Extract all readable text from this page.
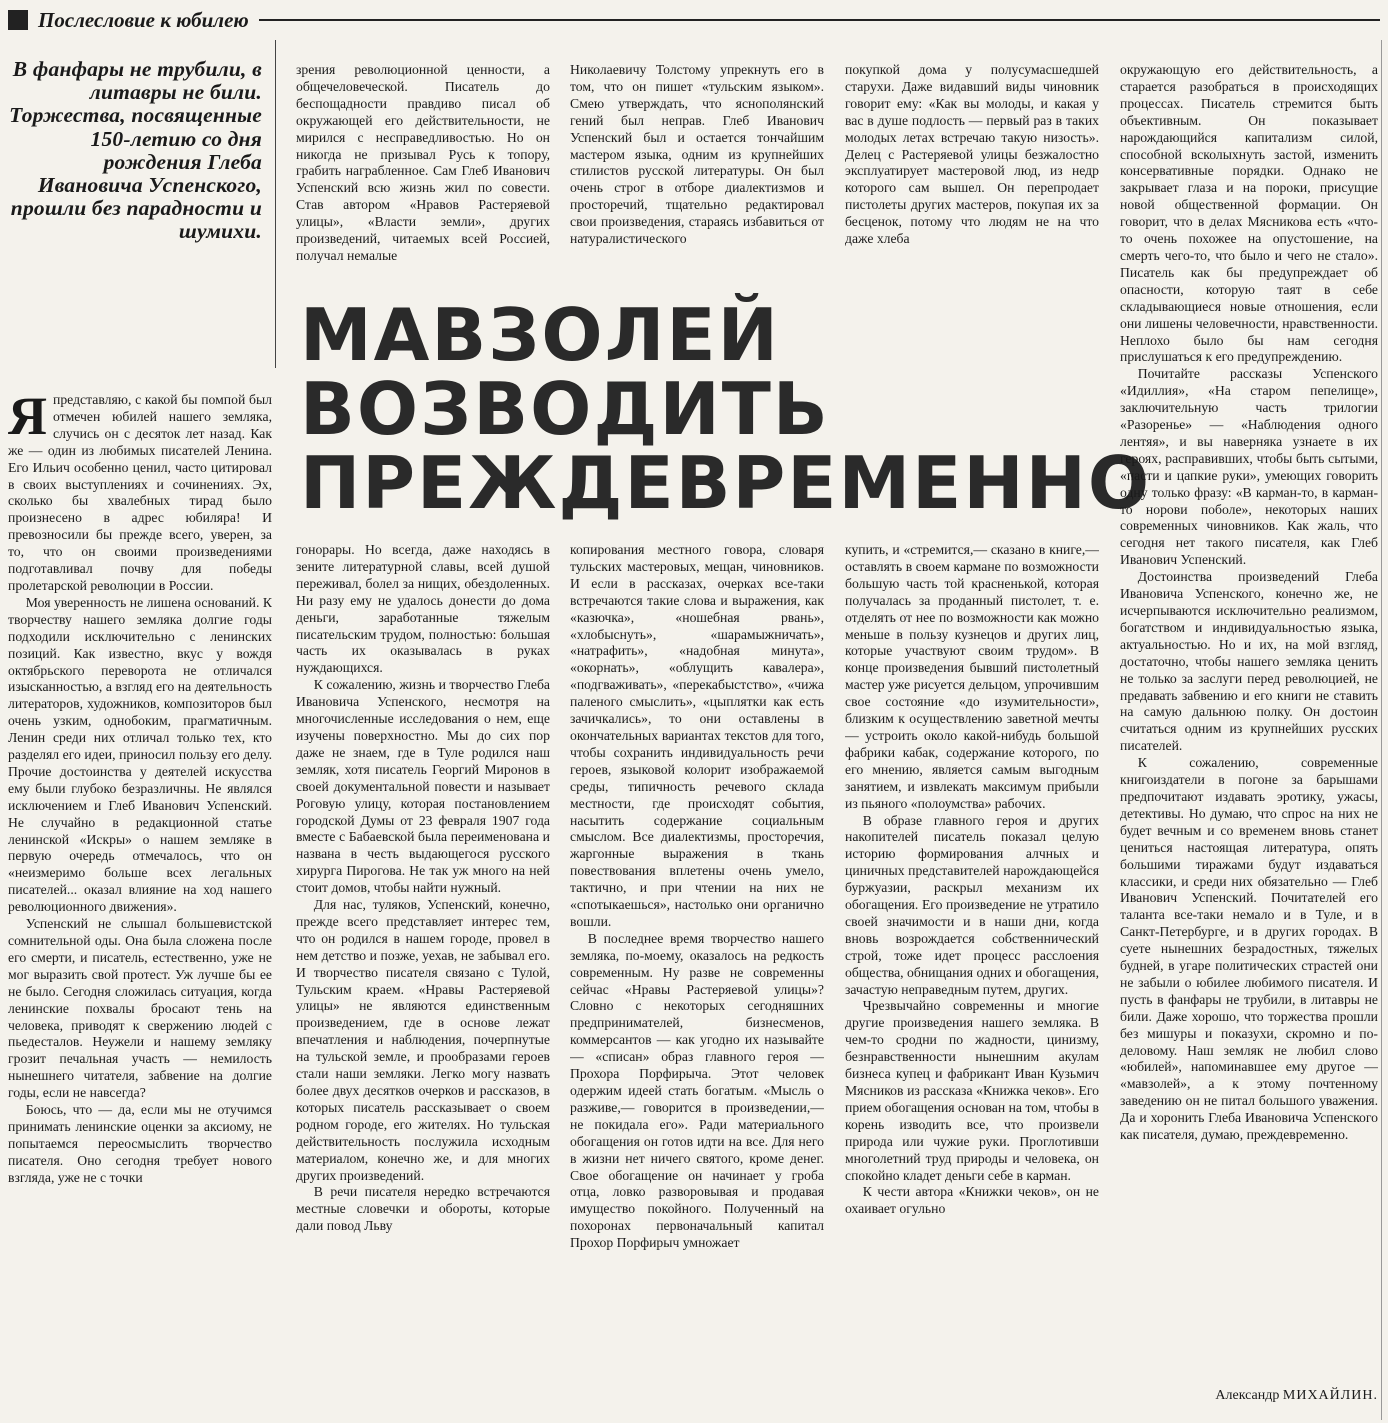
Послесловие к юбилею
В фанфары не трубили, в литавры не били. Торжества, посвященные 150-летию со дня рождения Глеба Ивановича Успенского, прошли без парадности и шумихи.
МАВЗОЛЕЙ
ВОЗВОДИТЬ
ПРЕЖДЕВРЕМЕННО

Япредставляю, с какой бы помпой был отмечен юбилей нашего земляка, случись он с десяток лет назад. Как же — один из любимых писателей Ленина. Его Ильич особенно ценил, часто цитировал в своих выступлениях и сочинениях. Эх, сколько бы хвалебных тирад было произнесено в адрес юбиляра! И превозносили бы прежде всего, уверен, за то, что он своими произведениями подготавливал почву для победы пролетарской революции в России.

Моя уверенность не лишена оснований. К творчеству нашего земляка долгие годы подходили исключительно с ленинских позиций. Как известно, вкус у вождя октябрьского переворота не отличался изысканностью, а взгляд его на деятельность литераторов, художников, композиторов был очень узким, однобоким, прагматичным. Ленин среди них отличал только тех, кто разделял его идеи, приносил пользу его делу. Прочие достоинства у деятелей искусства ему были глубоко безразличны. Не являлся исключением и Глеб Иванович Успенский. Не случайно в редакционной статье ленинской «Искры» о нашем земляке в первую очередь отмечалось, что он «неизмеримо больше всех легальных писателей... оказал влияние на ход нашего революционного движения».

Успенский не слышал большевистской сомнительной оды. Она была сложена после его смерти, и писатель, естественно, уже не мог выразить свой протест. Уж лучше бы ее не было. Сегодня сложилась ситуация, когда ленинские похвалы бросают тень на человека, приводят к свержению людей с пьедесталов. Неужели и нашему земляку грозит печальная участь — немилость нынешнего читателя, забвение на долгие годы, если не навсегда?

Боюсь, что — да, если мы не отучимся принимать ленинские оценки за аксиому, не попытаемся переосмыслить творчество писателя. Оно сегодня требует нового взгляда, уже не с точки

зрения революционной ценности, а общечеловеческой. Писатель до беспощадности правдиво писал об окружающей его действительности, не мирился с несправедливостью. Но он никогда не призывал Русь к топору, грабить награбленное. Сам Глеб Иванович Успенский всю жизнь жил по совести. Став автором «Нравов Растеряевой улицы», «Власти земли», других произведений, читаемых всей Россией, получал немалые

Николаевичу Толстому упрекнуть его в том, что он пишет «тульским языком». Смею утверждать, что яснополянский гений был неправ. Глеб Иванович Успенский был и остается тончайшим мастером языка, одним из крупнейших стилистов русской литературы. Он был очень строг в отборе диалектизмов и просторечий, тщательно редактировал свои произведения, стараясь избавиться от натуралистического

покупкой дома у полусумасшедшей старухи. Даже видавший виды чиновник говорит ему: «Как вы молоды, и какая у вас в душе подлость — первый раз в таких молодых летах встречаю такую низость». Делец с Растеряевой улицы безжалостно эксплуатирует мастеровой люд, из недр которого сам вышел. Он перепродает пистолеты других мастеров, покупая их за бесценок, потому что людям не на что даже хлеба

гонорары. Но всегда, даже находясь в зените литературной славы, всей душой переживал, болел за нищих, обездоленных. Ни разу ему не удалось донести до дома деньги, заработанные тяжелым писательским трудом, полностью: большая часть их оказывалась в руках нуждающихся.

К сожалению, жизнь и творчество Глеба Ивановича Успенского, несмотря на многочисленные исследования о нем, еще изучены поверхностно. Мы до сих пор даже не знаем, где в Туле родился наш земляк, хотя писатель Георгий Миронов в своей документальной повести и называет Роговую улицу, которая постановлением городской Думы от 23 февраля 1907 года вместе с Бабаевской была переименована и названа в честь выдающегося русского хирурга Пирогова. Не так уж много на ней стоит домов, чтобы найти нужный.

Для нас, туляков, Успенский, конечно, прежде всего представляет интерес тем, что он родился в нашем городе, провел в нем детство и позже, уехав, не забывал его. И творчество писателя связано с Тулой, Тульским краем. «Нравы Растеряевой улицы» не являются единственным произведением, где в основе лежат впечатления и наблюдения, почерпнутые на тульской земле, и прообразами героев стали наши земляки. Легко могу назвать более двух десятков очерков и рассказов, в которых писатель рассказывает о своем родном городе, его жителях. Но тульская действительность послужила исходным материалом, конечно же, и для многих других произведений.

В речи писателя нередко встречаются местные словечки и обороты, которые дали повод Льву

копирования местного говора, словаря тульских мастеровых, мещан, чиновников. И если в рассказах, очерках все-таки встречаются такие слова и выражения, как «казючка», «ношебная рвань», «хлобыснуть», «шарамыжничать», «натрафить», «надобная минута», «окорнать», «облущить кавалера», «подгваживать», «перекабыстство», «чижа паленого смыслить», «цыплятки как есть зачичкались», то они оставлены в окончательных вариантах текстов для того, чтобы сохранить индивидуальность речи героев, языковой колорит изображаемой среды, типичность речевого склада местности, где происходят события, насытить содержание социальным смыслом. Все диалектизмы, просторечия, жаргонные выражения в ткань повествования вплетены очень умело, тактично, и при чтении на них не «спотыкаешься», настолько они органично вошли.

В последнее время творчество нашего земляка, по-моему, оказалось на редкость современным. Ну разве не современны сейчас «Нравы Растеряевой улицы»? Словно с некоторых сегодняшних предпринимателей, бизнесменов, коммерсантов — как угодно их называйте — «списан» образ главного героя — Прохора Порфирыча. Этот человек одержим идеей стать богатым. «Мысль о разживе,— говорится в произведении,— не покидала его». Ради материального обогащения он готов идти на все. Для него в жизни нет ничего святого, кроме денег. Свое обогащение он начинает у гроба отца, ловко разворовывая и продавая имущество покойного. Полученный на похоронах первоначальный капитал Прохор Порфирыч умножает

купить, и «стремится,— сказано в книге,— оставлять в своем кармане по возможности большую часть той красненькой, которая получалась за проданный пистолет, т. е. отделять от нее по возможности как можно меньше в пользу кузнецов и других лиц, которые участвуют своим трудом». В конце произведения бывший пистолетный мастер уже рисуется дельцом, упрочившим свое состояние «до изумительности», близким к осуществлению заветной мечты — устроить около какой-нибудь большой фабрики кабак, содержание которого, по его мнению, является самым выгодным занятием, и извлекать максимум прибыли из пьяного «полоумства» рабочих.

В образе главного героя и других накопителей писатель показал целую историю формирования алчных и циничных представителей нарождающейся буржуазии, раскрыл механизм их обогащения. Его произведение не утратило своей значимости и в наши дни, когда вновь возрождается собственнический строй, тоже идет процесс расслоения общества, обнищания одних и обогащения, зачастую неправедным путем, других.

Чрезвычайно современны и многие другие произведения нашего земляка. В чем-то сродни по жадности, цинизму, безнравственности нынешним акулам бизнеса купец и фабрикант Иван Кузьмич Мясников из рассказа «Книжка чеков». Его прием обогащения основан на том, чтобы в корень изводить все, что произвели природа или чужие руки. Проглотивши многолетний труд природы и человека, он спокойно кладет деньги себе в карман.

К чести автора «Книжки чеков», он не охаивает огульно

окружающую его действительность, а старается разобраться в происходящих процессах. Писатель стремится быть объективным. Он показывает нарождающийся капитализм силой, способной всколыхнуть застой, изменить консервативные порядки. Однако не закрывает глаза и на пороки, присущие новой общественной формации. Он говорит, что в делах Мясникова есть «что-то очень похожее на опустошение, на смерть чего-то, что было и чего не стало». Писатель как бы предупреждает об опасности, которую таят в себе складывающиеся новые отношения, если они лишены человечности, нравственности. Неплохо было бы нам сегодня прислушаться к его предупреждению.

Почитайте рассказы Успенского «Идиллия», «На старом пепелище», заключительную часть трилогии «Разоренье» — «Наблюдения одного лентяя», и вы наверняка узнаете в их героях, расправивших, чтобы быть сытыми, «пасти и цапкие руки», умеющих говорить одну только фразу: «В карман-то, в карман-то норови поболе», некоторых наших современных чиновников. Как жаль, что сегодня нет такого писателя, как Глеб Иванович Успенский.

Достоинства произведений Глеба Ивановича Успенского, конечно же, не исчерпываются исключительно реализмом, богатством и индивидуальностью языка, актуальностью. Но и их, на мой взгляд, достаточно, чтобы нашего земляка ценить не только за заслуги перед революцией, не предавать забвению и его книги не ставить на самую дальнюю полку. Он достоин считаться одним из крупнейших русских писателей.

К сожалению, современные книгоиздатели в погоне за барышами предпочитают издавать эротику, ужасы, детективы. Но думаю, что спрос на них не будет вечным и со временем вновь станет цениться настоящая литература, опять большими тиражами будут издаваться классики, и среди них обязательно — Глеб Иванович Успенский. Почитателей его таланта все-таки немало и в Туле, и в Санкт-Петербурге, и в других городах. В суете нынешних безрадостных, тяжелых будней, в угаре политических страстей они не забыли о юбилее любимого писателя. И пусть в фанфары не трубили, в литавры не били. Даже хорошо, что торжества прошли без мишуры и показухи, скромно и по-деловому. Наш земляк не любил слово «юбилей», напоминавшее ему другое — «мавзолей», а к этому почтенному заведению он не питал большого уважения. Да и хоронить Глеба Ивановича Успенского как писателя, думаю, преждевременно.

Александр МИХАЙЛИН.
